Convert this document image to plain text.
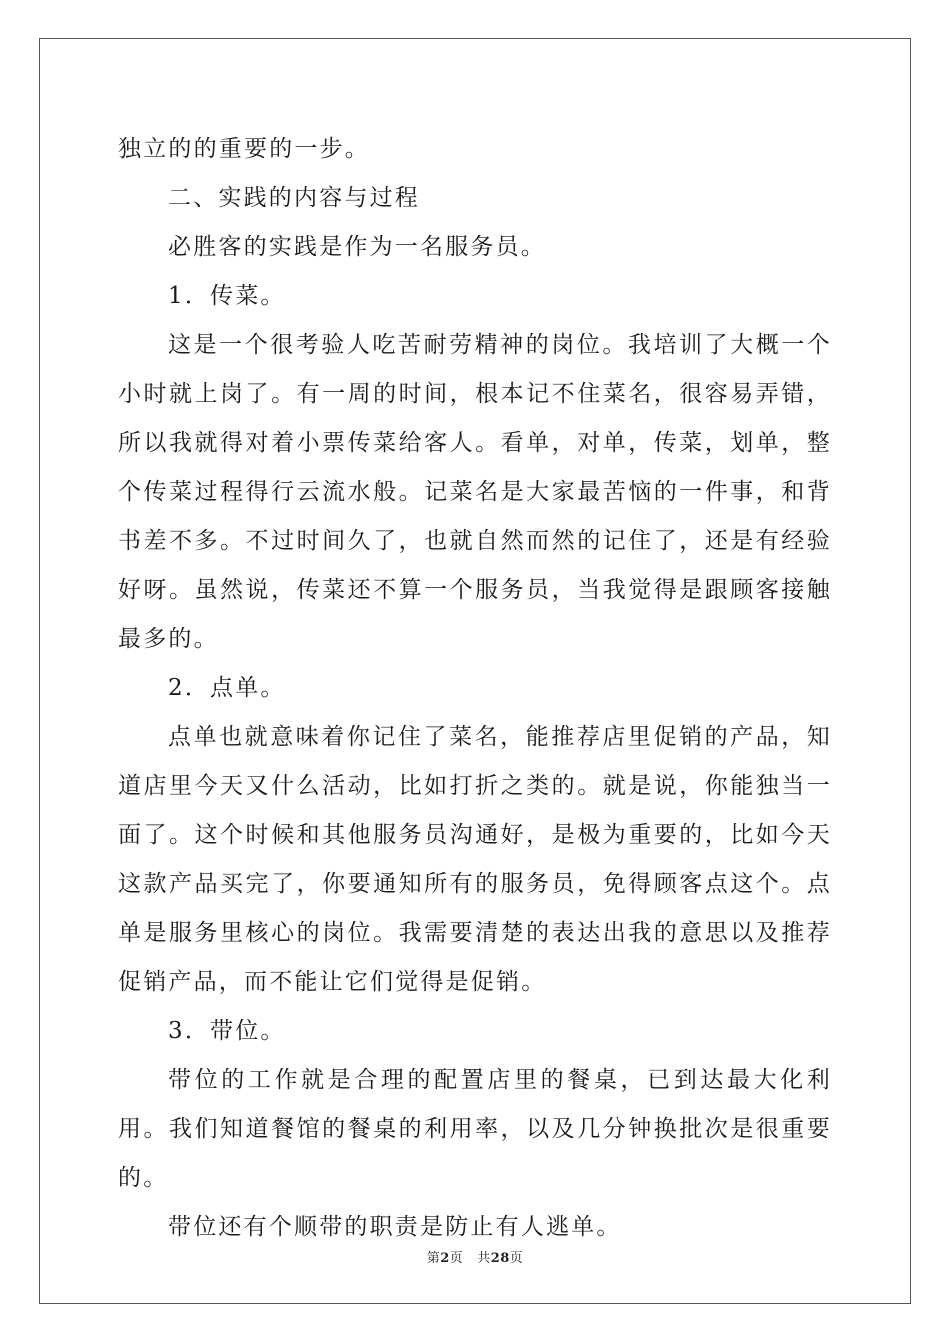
独立的的重要的一步。

二、实践的内容与过程

必胜客的实践是作为一名服务员。

1．传菜。

这是一个很考验人吃苦耐劳精神的岗位。我培训了大概一个小时就上岗了。有一周的时间，根本记不住菜名，很容易弄错，所以我就得对着小票传菜给客人。看单，对单，传菜，划单，整个传菜过程得行云流水般。记菜名是大家最苦恼的一件事，和背书差不多。不过时间久了，也就自然而然的记住了，还是有经验好呀。虽然说，传菜还不算一个服务员，当我觉得是跟顾客接触最多的。

2．点单。

点单也就意味着你记住了菜名，能推荐店里促销的产品，知道店里今天又什么活动，比如打折之类的。就是说，你能独当一面了。这个时候和其他服务员沟通好，是极为重要的，比如今天这款产品买完了，你要通知所有的服务员，免得顾客点这个。点单是服务里核心的岗位。我需要清楚的表达出我的意思以及推荐促销产品，而不能让它们觉得是促销。

3．带位。

带位的工作就是合理的配置店里的餐桌，已到达最大化利用。我们知道餐馆的餐桌的利用率，以及几分钟换批次是很重要的。

带位还有个顺带的职责是防止有人逃单。

第2页 共28页
